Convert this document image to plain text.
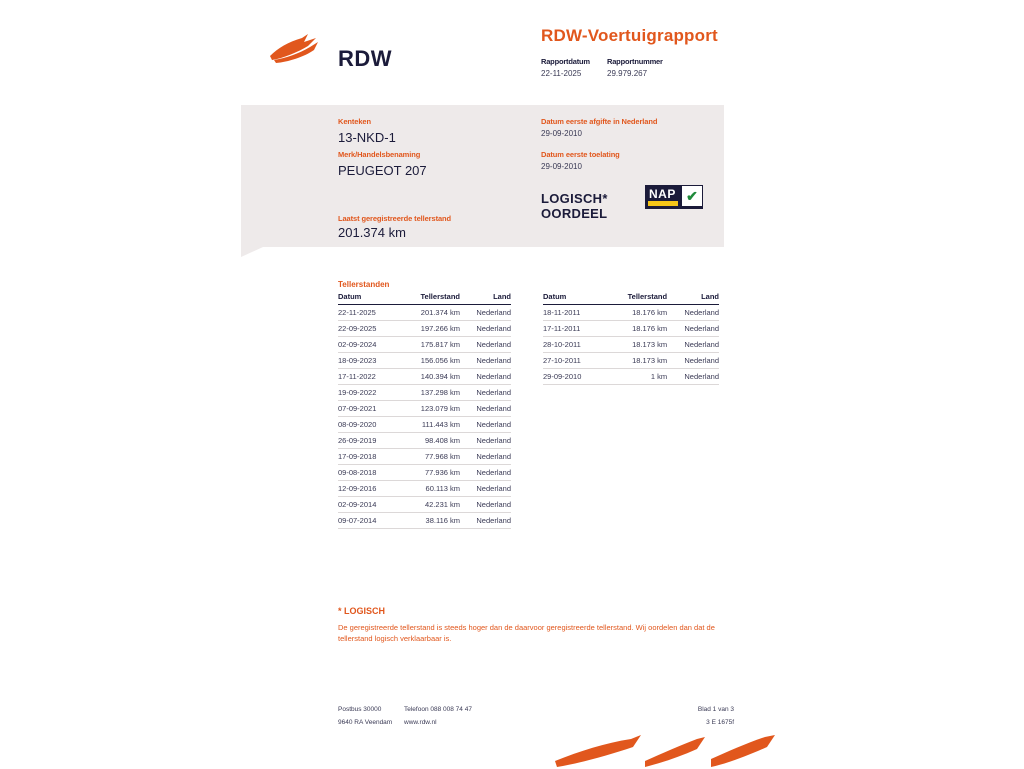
RDW
RDW-Voertuigrapport
Rapportdatum
22-11-2025
Rapportnummer
29.979.267
Kenteken
13-NKD-1
Merk/Handelsbenaming
PEUGEOT 207
Laatst geregistreerde tellerstand
201.374 km
Datum eerste afgifte in Nederland
29-09-2010
Datum eerste toelating
29-09-2010
LOGISCH*
OORDEEL
NAP ✔
Tellerstanden
Datum	Tellerstand	Land
22-11-2025	201.374 km	Nederland
22-09-2025	197.266 km	Nederland
02-09-2024	175.817 km	Nederland
18-09-2023	156.056 km	Nederland
17-11-2022	140.394 km	Nederland
19-09-2022	137.298 km	Nederland
07-09-2021	123.079 km	Nederland
08-09-2020	111.443 km	Nederland
26-09-2019	98.408 km	Nederland
17-09-2018	77.968 km	Nederland
09-08-2018	77.936 km	Nederland
12-09-2016	60.113 km	Nederland
02-09-2014	42.231 km	Nederland
09-07-2014	38.116 km	Nederland
Datum	Tellerstand	Land
18-11-2011	18.176 km	Nederland
17-11-2011	18.176 km	Nederland
28-10-2011	18.173 km	Nederland
27-10-2011	18.173 km	Nederland
29-09-2010	1 km	Nederland
* LOGISCH
De geregistreerde tellerstand is steeds hoger dan de daarvoor geregistreerde tellerstand. Wij oordelen dan dat de tellerstand logisch verklaarbaar is.
Postbus 30000
9640 RA Veendam
Telefoon 088 008 74 47
www.rdw.nl
Blad 1 van 3
3 E 1675f
